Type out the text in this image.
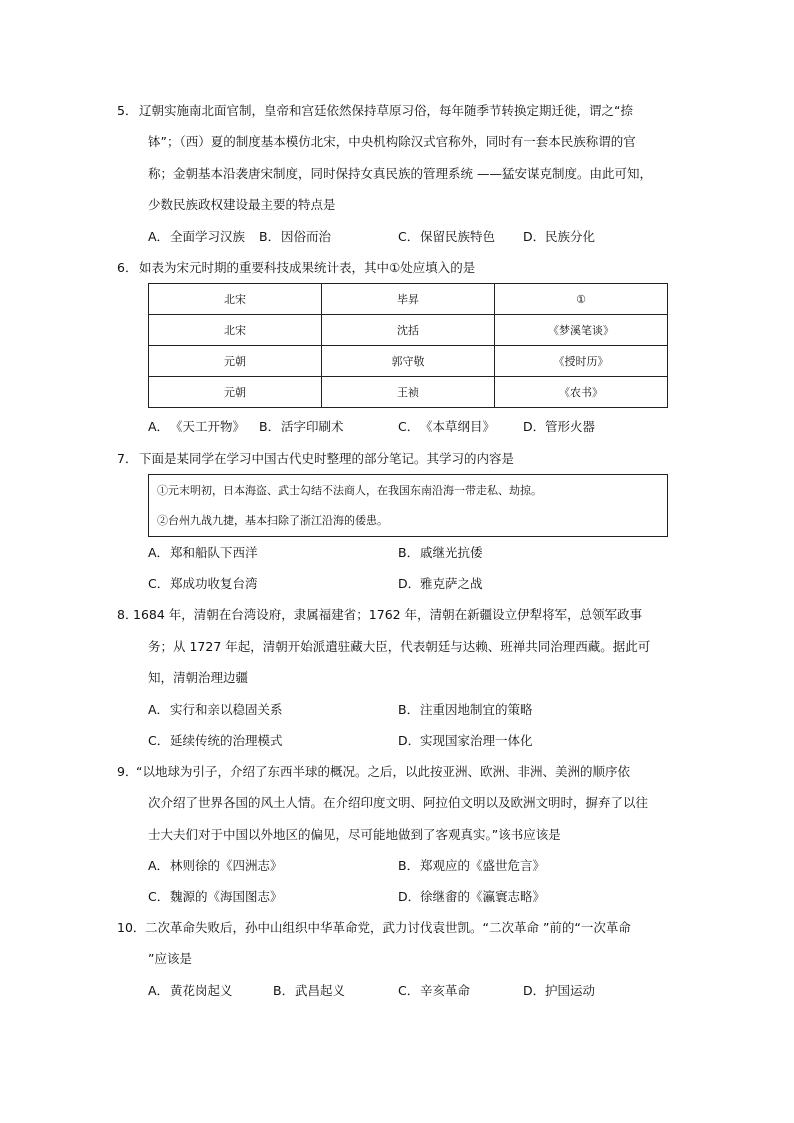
5． 辽朝实施南北面官制，皇帝和宫廷依然保持草原习俗，每年随季节转换定期迁徙，谓之“捺
钵”；（西）夏的制度基本模仿北宋，中央机构除汉式官称外，同时有一套本民族称谓的官
称；金朝基本沿袭唐宋制度，同时保持女真民族的管理系统 ——猛安谋克制度。由此可知，
少数民族政权建设最主要的特点是
A．全面学习汉族 B．因俗而治	C．保留民族特色 D．民族分化
6． 如表为宋元时期的重要科技成果统计表，其中①处应填入的是
北宋	毕昇	①
北宋	沈括	《梦溪笔谈》
元朝	郭守敬	《授时历》
元朝	王祯	《农书》
A．《天工开物》 B．活字印刷术	C．《本草纲目》 D．管形火器
7． 下面是某同学在学习中国古代史时整理的部分笔记。其学习的内容是
①元末明初，日本海盗、武士勾结不法商人，在我国东南沿海一带走私、劫掠。
②台州九战九捷，基本扫除了浙江沿海的倭患。
A．郑和船队下西洋	B．戚继光抗倭
C．郑成功收复台湾	D．雅克萨之战
8．
1684 年，清朝在台湾设府，隶属福建省；1762 年，清朝在新疆设立伊犁将军，总领军政事
务；从 1727 年起，清朝开始派遣驻藏大臣，代表朝廷与达赖、班禅共同治理西藏。据此可
知，清朝治理边疆
A．实行和亲以稳固关系	B．注重因地制宜的策略
C．延续传统的治理模式	D．实现国家治理一体化
9．
“以地球为引子，介绍了东西半球的概况。之后，以此按亚洲、欧洲、非洲、美洲的顺序依
次介绍了世界各国的风土人情。在介绍印度文明、阿拉伯文明以及欧洲文明时，摒弃了以往
士大夫们对于中国以外地区的偏见，尽可能地做到了客观真实。”该书应该是
A．林则徐的《四洲志》	B．郑观应的《盛世危言》
C．魏源的《海国图志》	D．徐继畬的《瀛寰志略》
10． 二次革命失败后，孙中山组织中华革命党，武力讨伐袁世凯。“二次革命 ”前的“一次革命
”应该是
A．黄花岗起义	B．武昌起义	C．辛亥革命	D．护国运动
